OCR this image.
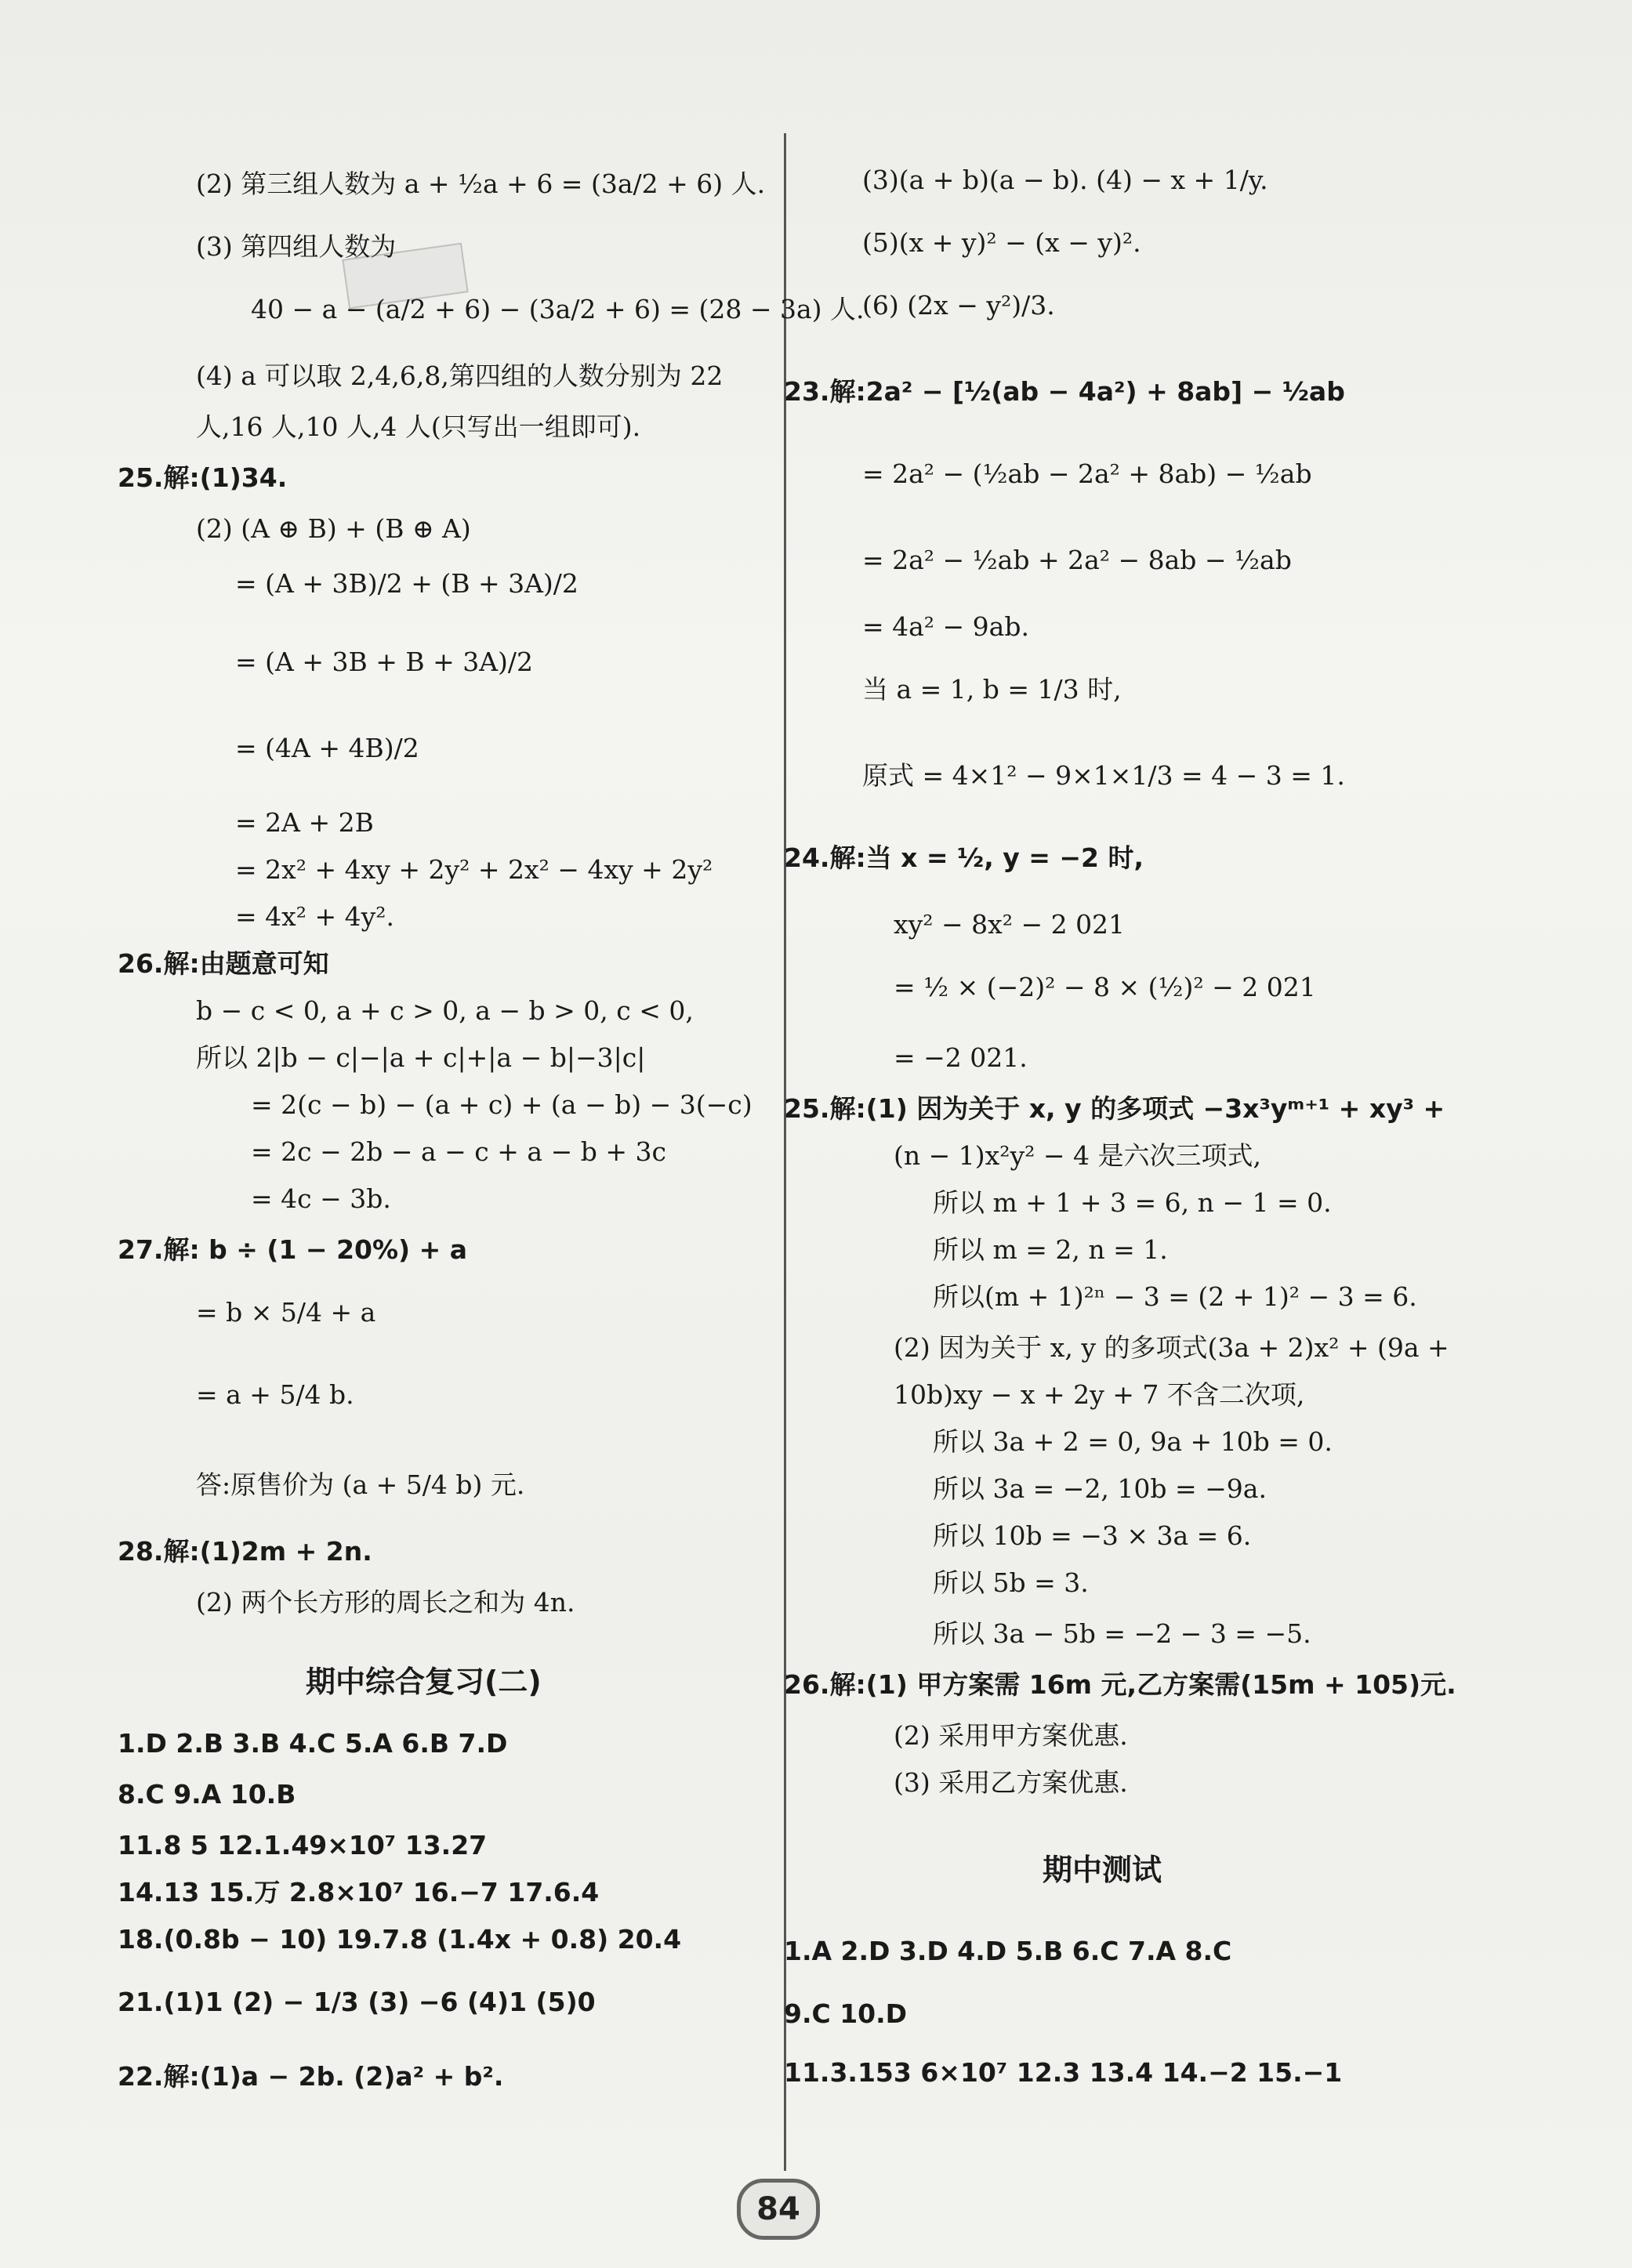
(2) 第三组人数为 a + ½a + 6 = (3a/2 + 6) 人.
(3) 第四组人数为
40 − a − (a/2 + 6) − (3a/2 + 6) = (28 − 3a) 人.
(4) a 可以取 2,4,6,8,第四组的人数分别为 22
人,16 人,10 人,4 人(只写出一组即可).
25.解:(1)34.
(2) (A ⊕ B) + (B ⊕ A)
= (A + 3B)/2 + (B + 3A)/2
= (A + 3B + B + 3A)/2
= (4A + 4B)/2
= 2A + 2B
= 2x² + 4xy + 2y² + 2x² − 4xy + 2y²
= 4x² + 4y².
26.解:由题意可知
b − c < 0, a + c > 0, a − b > 0, c < 0,
所以 2|b − c|−|a + c|+|a − b|−3|c|
= 2(c − b) − (a + c) + (a − b) − 3(−c)
= 2c − 2b − a − c + a − b + 3c
= 4c − 3b.
27.解: b ÷ (1 − 20%) + a
= b × 5/4 + a
= a + 5/4 b.
答:原售价为 (a + 5/4 b) 元.
28.解:(1)2m + 2n.
(2) 两个长方形的周长之和为 4n.
期中综合复习(二)
1.D 2.B 3.B 4.C 5.A 6.B 7.D
8.C 9.A 10.B
11.8 5 12.1.49×10⁷ 13.27
14.13 15.万 2.8×10⁷ 16.−7 17.6.4
18.(0.8b − 10) 19.7.8 (1.4x + 0.8) 20.4
21.(1)1 (2) − 1/3 (3) −6 (4)1 (5)0
22.解:(1)a − 2b. (2)a² + b².
(3)(a + b)(a − b). (4) − x + 1/y.
(5)(x + y)² − (x − y)².
(6) (2x − y²)/3.
23.解:2a² − [½(ab − 4a²) + 8ab] − ½ab
= 2a² − (½ab − 2a² + 8ab) − ½ab
= 2a² − ½ab + 2a² − 8ab − ½ab
= 4a² − 9ab.
当 a = 1, b = 1/3 时,
原式 = 4×1² − 9×1×1/3 = 4 − 3 = 1.
24.解:当 x = ½, y = −2 时,
xy² − 8x² − 2 021
= ½ × (−2)² − 8 × (½)² − 2 021
= −2 021.
25.解:(1) 因为关于 x, y 的多项式 −3x³yᵐ⁺¹ + xy³ +
(n − 1)x²y² − 4 是六次三项式,
所以 m + 1 + 3 = 6, n − 1 = 0.
所以 m = 2, n = 1.
所以(m + 1)²ⁿ − 3 = (2 + 1)² − 3 = 6.
(2) 因为关于 x, y 的多项式(3a + 2)x² + (9a +
10b)xy − x + 2y + 7 不含二次项,
所以 3a + 2 = 0, 9a + 10b = 0.
所以 3a = −2, 10b = −9a.
所以 10b = −3 × 3a = 6.
所以 5b = 3.
所以 3a − 5b = −2 − 3 = −5.
26.解:(1) 甲方案需 16m 元,乙方案需(15m + 105)元.
(2) 采用甲方案优惠.
(3) 采用乙方案优惠.
期中测试
1.A 2.D 3.D 4.D 5.B 6.C 7.A 8.C
9.C 10.D
11.3.153 6×10⁷ 12.3 13.4 14.−2 15.−1
84
